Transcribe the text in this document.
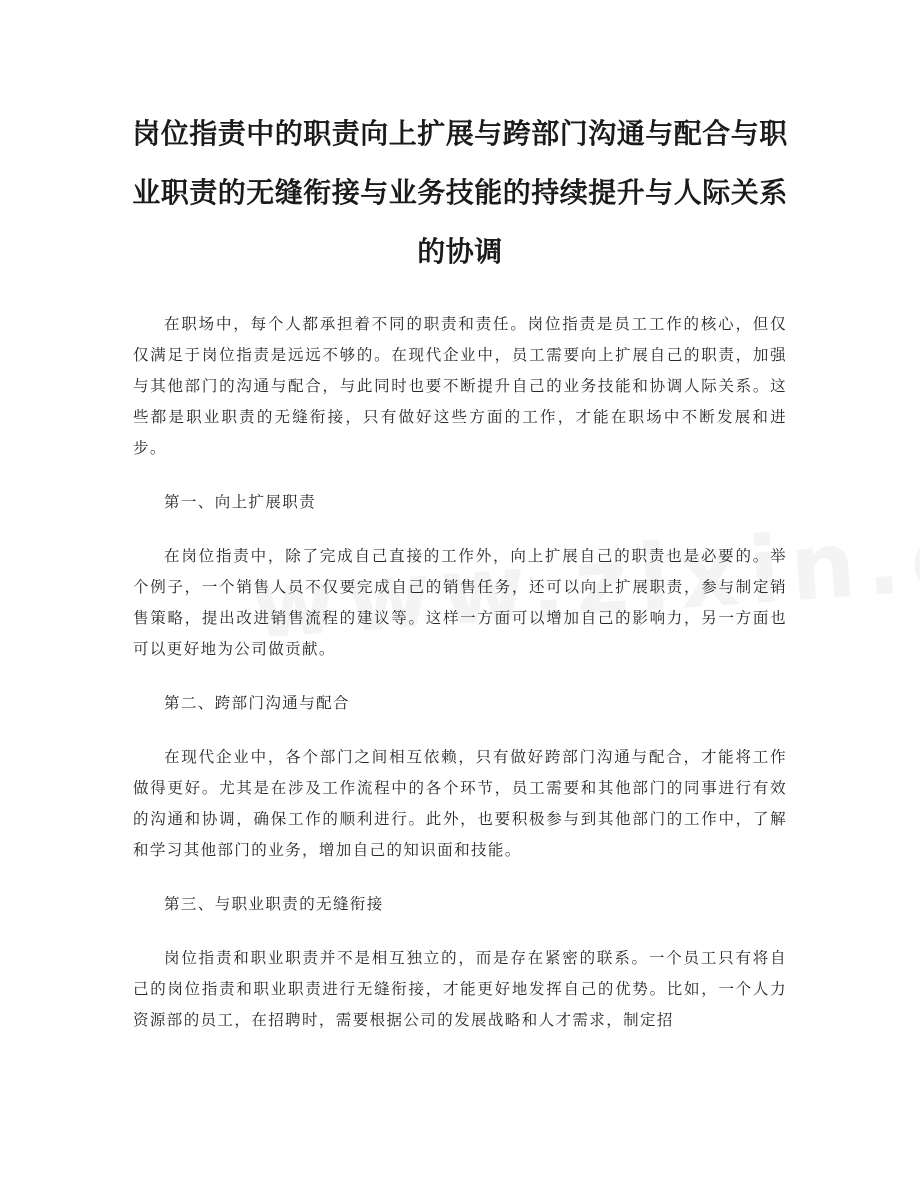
岗位指责中的职责向上扩展与跨部门沟通与配合与职业职责的无缝衔接与业务技能的持续提升与人际关系的协调

在职场中，每个人都承担着不同的职责和责任。岗位指责是员工工作的核心，但仅仅满足于岗位指责是远远不够的。在现代企业中，员工需要向上扩展自己的职责，加强与其他部门的沟通与配合，与此同时也要不断提升自己的业务技能和协调人际关系。这些都是职业职责的无缝衔接，只有做好这些方面的工作，才能在职场中不断发展和进步。

第一、向上扩展职责

在岗位指责中，除了完成自己直接的工作外，向上扩展自己的职责也是必要的。举个例子，一个销售人员不仅要完成自己的销售任务，还可以向上扩展职责，参与制定销售策略，提出改进销售流程的建议等。这样一方面可以增加自己的影响力，另一方面也可以更好地为公司做贡献。

第二、跨部门沟通与配合

在现代企业中，各个部门之间相互依赖，只有做好跨部门沟通与配合，才能将工作做得更好。尤其是在涉及工作流程中的各个环节，员工需要和其他部门的同事进行有效的沟通和协调，确保工作的顺利进行。此外，也要积极参与到其他部门的工作中，了解和学习其他部门的业务，增加自己的知识面和技能。

第三、与职业职责的无缝衔接

岗位指责和职业职责并不是相互独立的，而是存在紧密的联系。一个员工只有将自己的岗位指责和职业职责进行无缝衔接，才能更好地发挥自己的优势。比如，一个人力资源部的员工，在招聘时，需要根据公司的发展战略和人才需求，制定招
